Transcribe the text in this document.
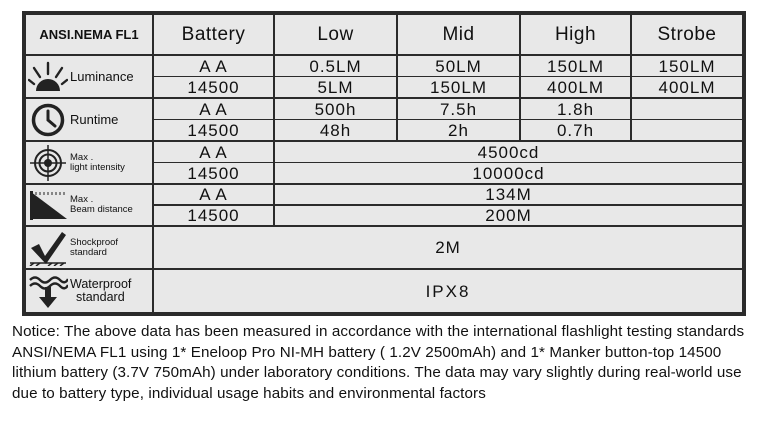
ANSI.NEMA FL1	Battery	Low	Mid	High	Strobe
Luminance
A A	0.5LM	50LM	150LM	150LM
14500	5LM	150LM	400LM	400LM
Runtime
A A	500h	7.5h	1.8h
14500	48h	2h	0.7h
Max .
light intensity
A A	4500cd
14500	10000cd
Max .
Beam distance
A A	134M
14500	200M
Shockproof
standard	2M
Waterproof
standard	IPX8
Notice: The above data has been measured in accordance with the international flashlight testing standards ANSI/NEMA FL1 using 1* Eneloop Pro NI-MH battery ( 1.2V 2500mAh) and 1* Manker button-top 14500 lithium battery (3.7V 750mAh) under laboratory conditions. The data may vary slightly during real-world use due to battery type, individual usage habits and environmental factors
